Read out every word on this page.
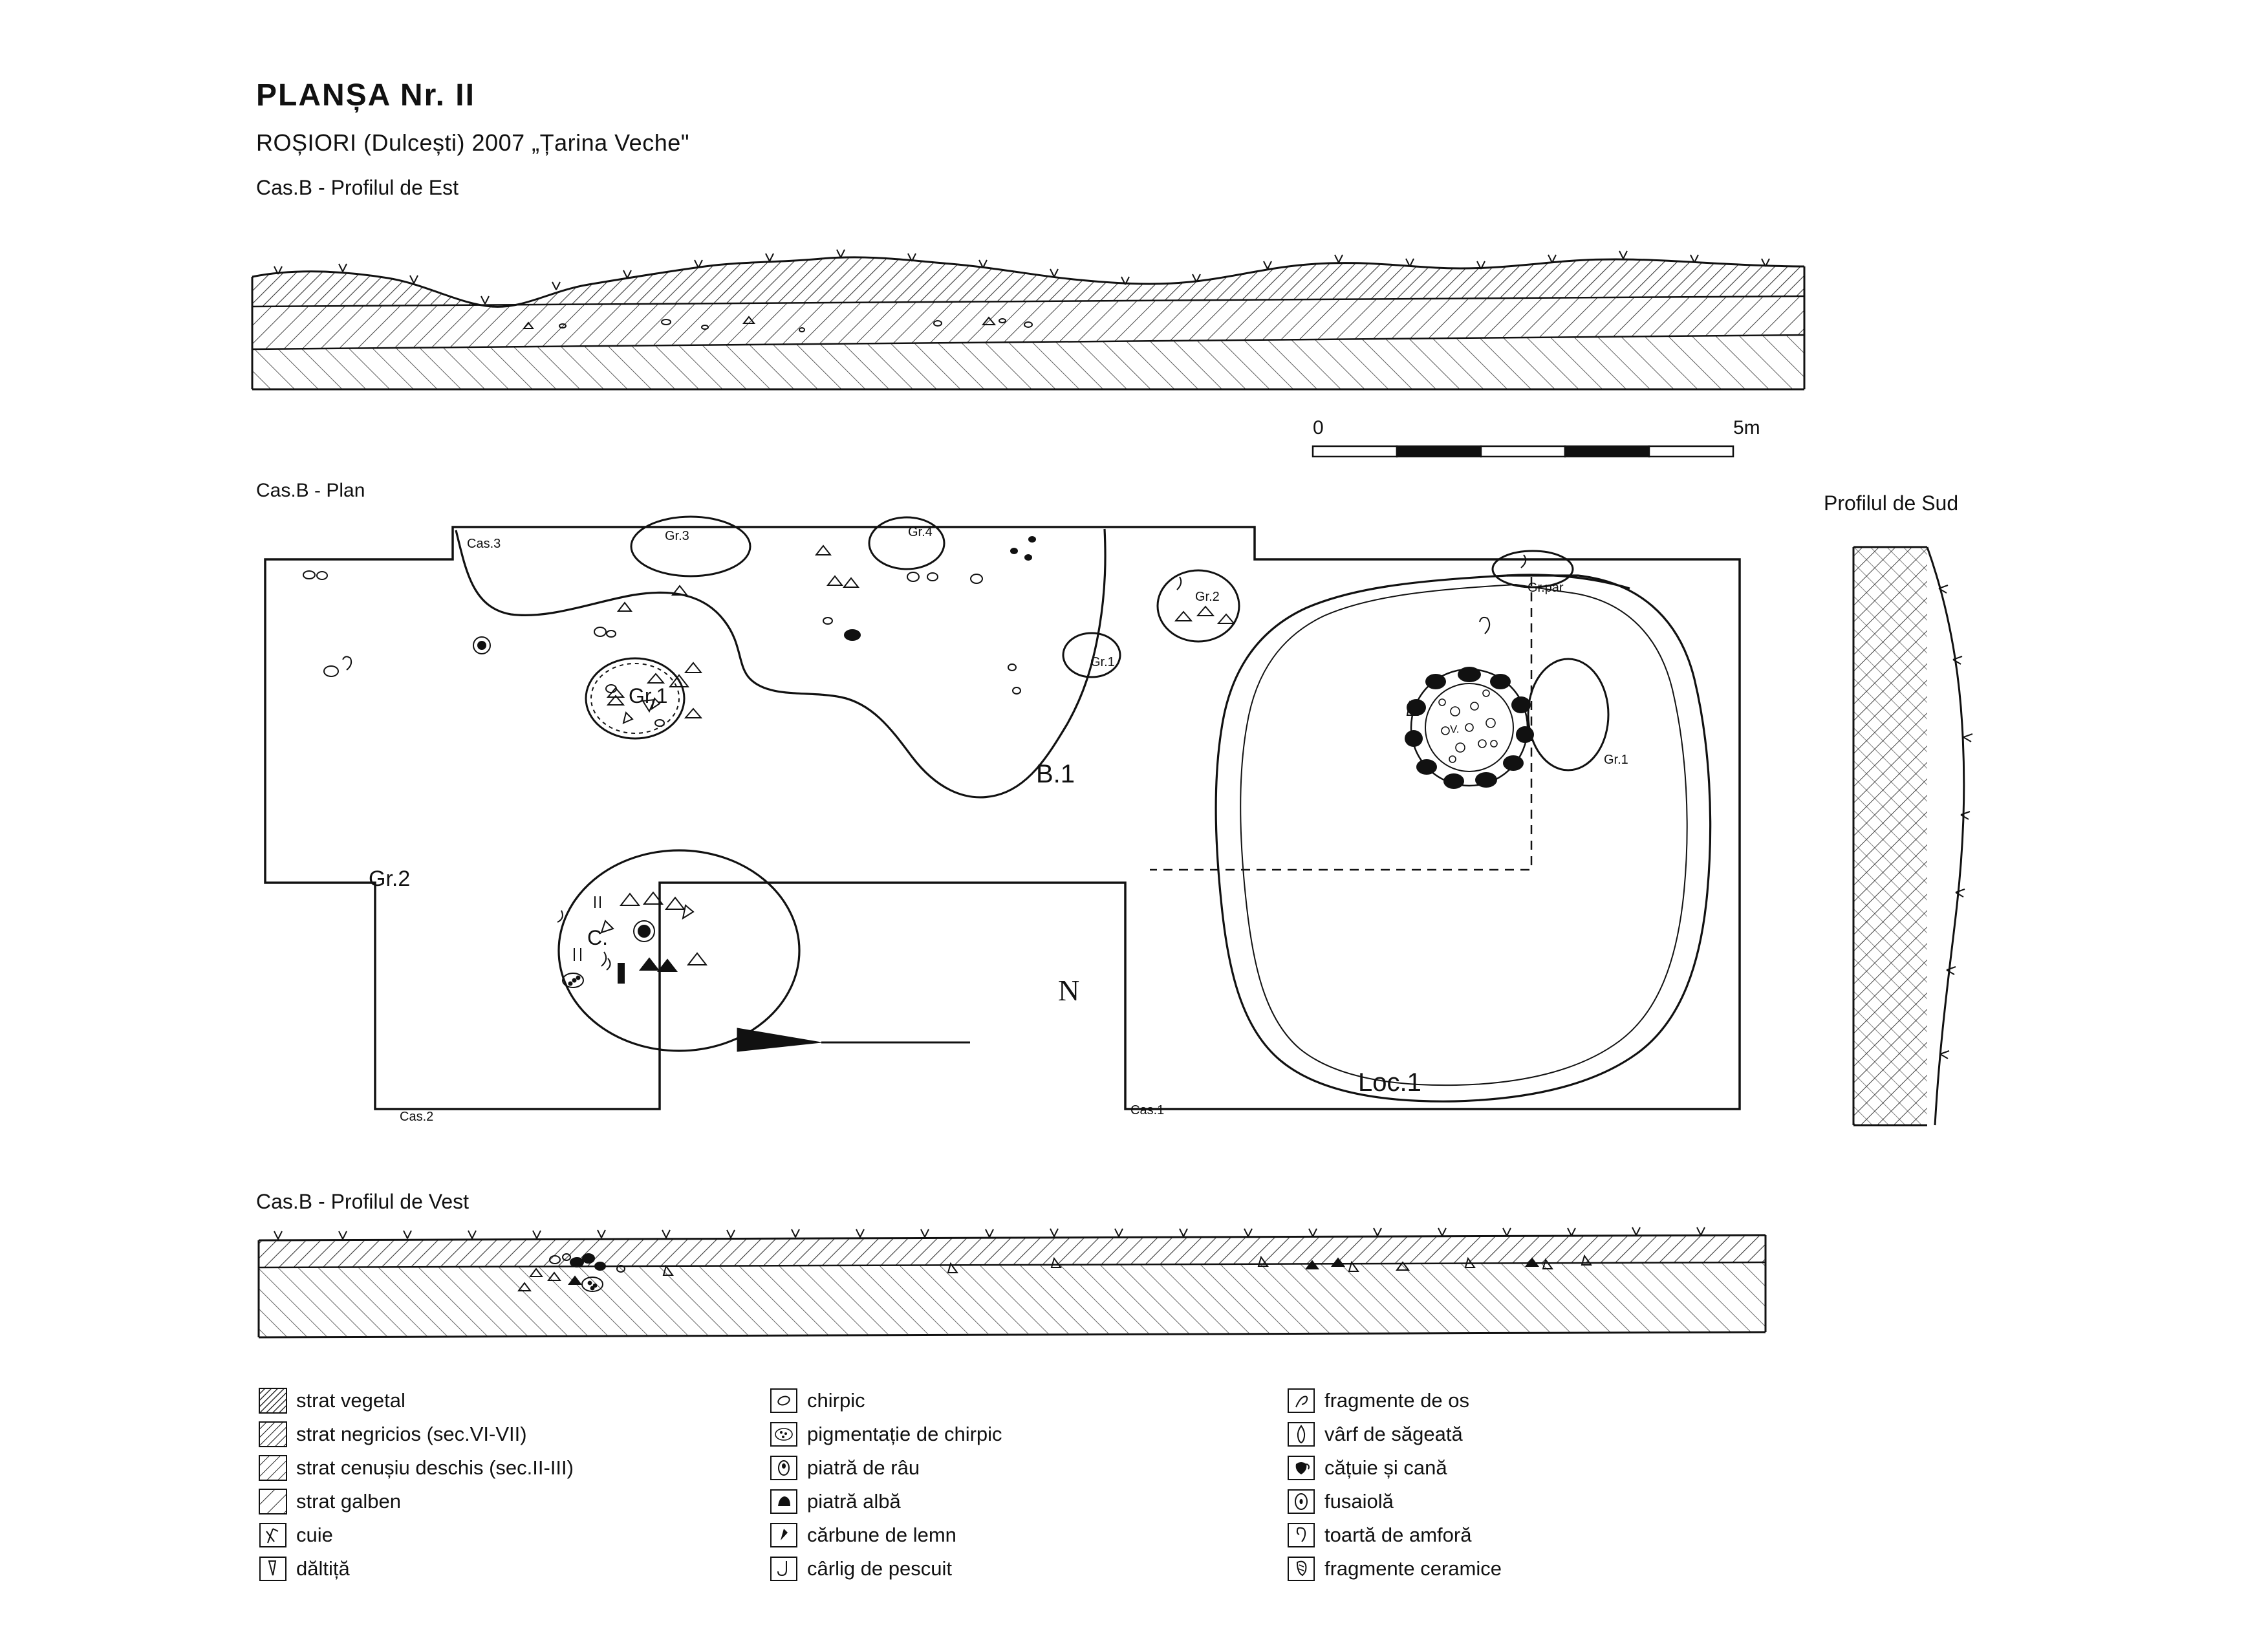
PLANȘA Nr. II
ROȘIORI (Dulcești) 2007 „Țarina Veche"
Cas.B - Profilul de Est
0	5m
Cas.B - Plan
Profilul de Sud
Cas.B - Profilul de Vest
N
Cas.3
Gr.3	Gr.4
Gr.2
Gr.1
Gr.par
Gr.1
Gr.1
B.1
Gr.2
C.
V.
Cas.2	Cas.1
Loc.1
strat vegetal
strat negricios (sec.VI-VII)
strat cenușiu deschis (sec.II-III)
strat galben
cuie
dăltiță
chirpic
pigmentație de chirpic
piatră de râu
piatră albă
cărbune de lemn
cârlig de pescuit
fragmente de os
vârf de săgeată
cățuie și cană
fusaiolă
toartă de amforă
fragmente ceramice
